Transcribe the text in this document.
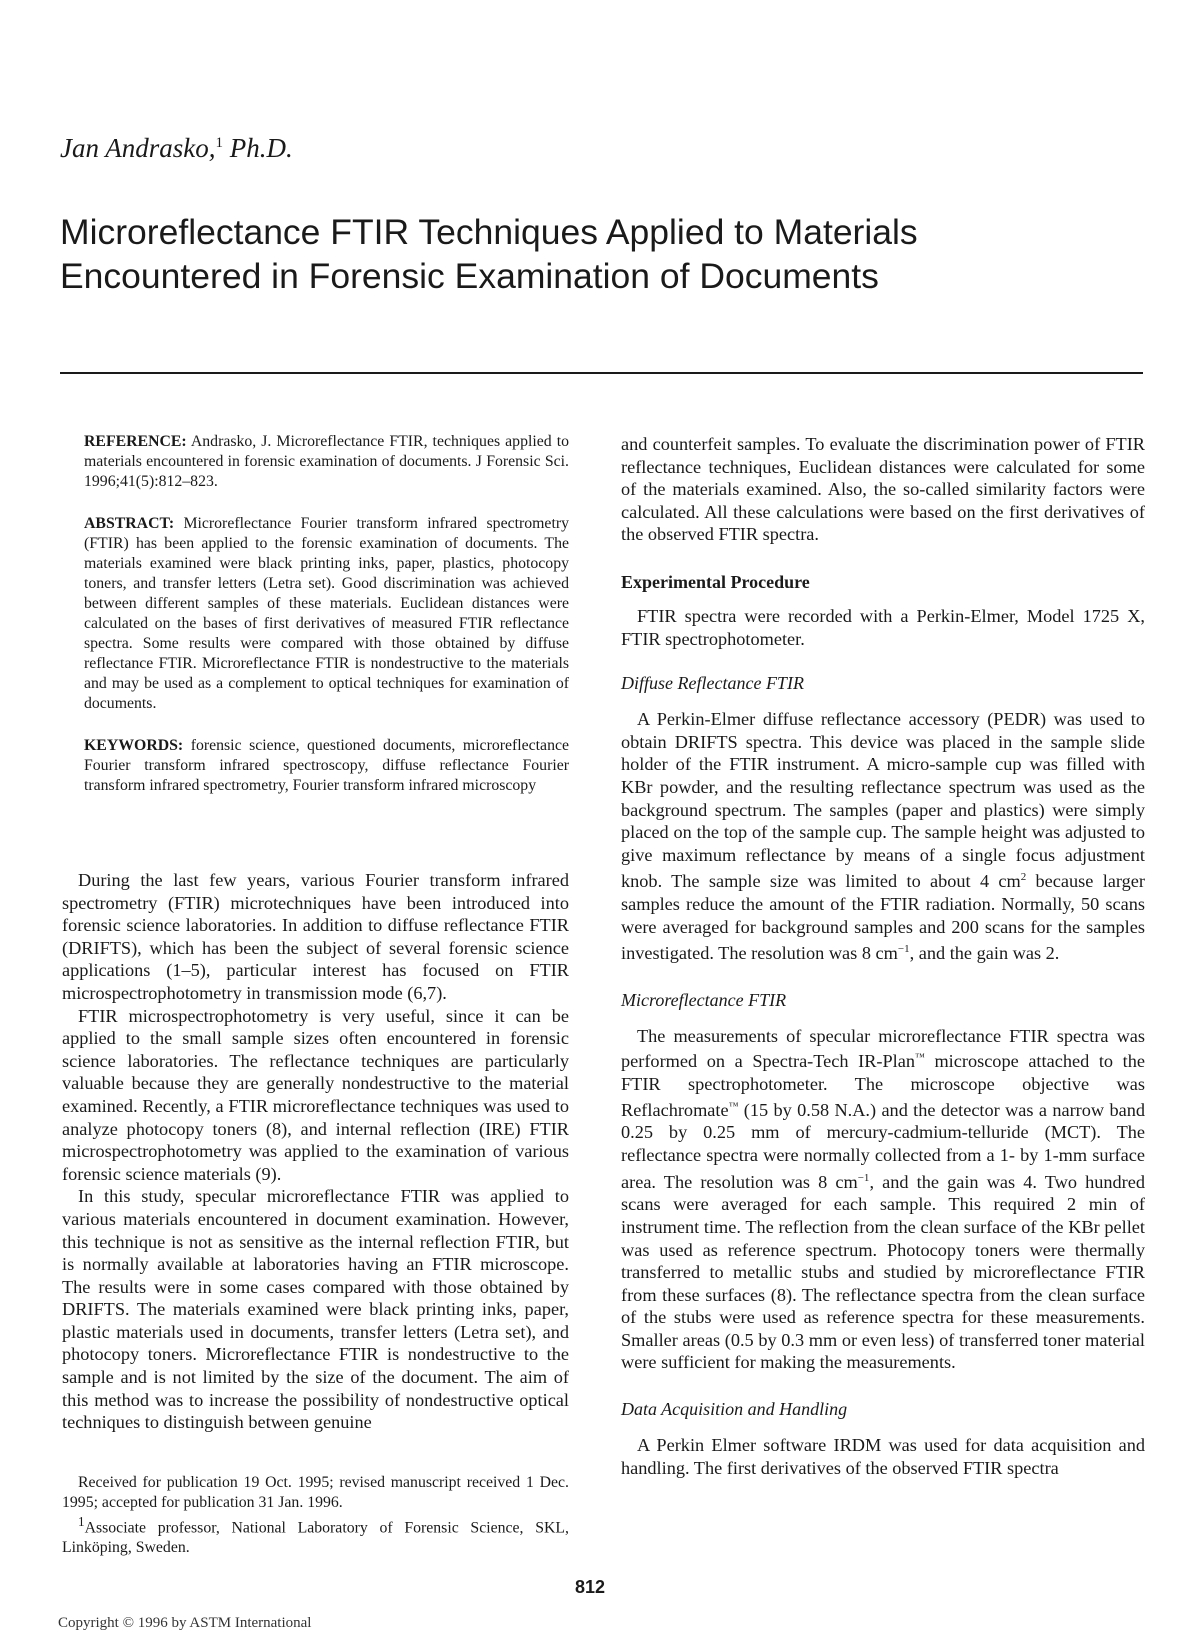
Jan Andrasko,$^1$ Ph.D.
Microreflectance FTIR Techniques Applied to Materials
Encountered in Forensic Examination of Documents

REFERENCE: Andrasko, J. Microreflectance FTIR, techniques applied to materials encountered in forensic examination of documents. J Forensic Sci. 1996;41(5):812–823.

ABSTRACT: Microreflectance Fourier transform infrared spectrometry (FTIR) has been applied to the forensic examination of documents. The materials examined were black printing inks, paper, plastics, photocopy toners, and transfer letters (Letra set). Good discrimination was achieved between different samples of these materials. Euclidean distances were calculated on the bases of first derivatives of measured FTIR reflectance spectra. Some results were compared with those obtained by diffuse reflectance FTIR. Microreflectance FTIR is nondestructive to the materials and may be used as a complement to optical techniques for examination of documents.

KEYWORDS: forensic science, questioned documents, microreflectance Fourier transform infrared spectroscopy, diffuse reflectance Fourier transform infrared spectrometry, Fourier transform infrared microscopy

During the last few years, various Fourier transform infrared spectrometry (FTIR) microtechniques have been introduced into forensic science laboratories. In addition to diffuse reflectance FTIR (DRIFTS), which has been the subject of several forensic science applications (1–5), particular interest has focused on FTIR microspectrophotometry in transmission mode (6,7).

FTIR microspectrophotometry is very useful, since it can be applied to the small sample sizes often encountered in forensic science laboratories. The reflectance techniques are particularly valuable because they are generally nondestructive to the material examined. Recently, a FTIR microreflectance techniques was used to analyze photocopy toners (8), and internal reflection (IRE) FTIR microspectrophotometry was applied to the examination of various forensic science materials (9).

In this study, specular microreflectance FTIR was applied to various materials encountered in document examination. However, this technique is not as sensitive as the internal reflection FTIR, but is normally available at laboratories having an FTIR microscope. The results were in some cases compared with those obtained by DRIFTS. The materials examined were black printing inks, paper, plastic materials used in documents, transfer letters (Letra set), and photocopy toners. Microreflectance FTIR is nondestructive to the sample and is not limited by the size of the document. The aim of this method was to increase the possibility of nondestructive optical techniques to distinguish between genuine

Received for publication 19 Oct. 1995; revised manuscript received 1 Dec. 1995; accepted for publication 31 Jan. 1996.

$^1$Associate professor, National Laboratory of Forensic Science, SKL, Linköping, Sweden.

and counterfeit samples. To evaluate the discrimination power of FTIR reflectance techniques, Euclidean distances were calculated for some of the materials examined. Also, the so-called similarity factors were calculated. All these calculations were based on the first derivatives of the observed FTIR spectra.

Experimental Procedure

FTIR spectra were recorded with a Perkin-Elmer, Model 1725 X, FTIR spectrophotometer.

Diffuse Reflectance FTIR

A Perkin-Elmer diffuse reflectance accessory (PEDR) was used to obtain DRIFTS spectra. This device was placed in the sample slide holder of the FTIR instrument. A micro-sample cup was filled with KBr powder, and the resulting reflectance spectrum was used as the background spectrum. The samples (paper and plastics) were simply placed on the top of the sample cup. The sample height was adjusted to give maximum reflectance by means of a single focus adjustment knob. The sample size was limited to about 4 $cm^2$ because larger samples reduce the amount of the FTIR radiation. Normally, 50 scans were averaged for background samples and 200 scans for the samples investigated. The resolution was 8 $cm^{-1}$, and the gain was 2.

Microreflectance FTIR

The measurements of specular microreflectance FTIR spectra was performed on a Spectra-Tech IR-Plan™ microscope attached to the FTIR spectrophotometer. The microscope objective was Reflachromate™ (15 by 0.58 N.A.) and the detector was a narrow band 0.25 by 0.25 mm of mercury-cadmium-telluride (MCT). The reflectance spectra were normally collected from a 1- by 1-mm surface area. The resolution was 8 $cm^{-1}$, and the gain was 4. Two hundred scans were averaged for each sample. This required 2 min of instrument time. The reflection from the clean surface of the KBr pellet was used as reference spectrum. Photocopy toners were thermally transferred to metallic stubs and studied by microreflectance FTIR from these surfaces (8). The reflectance spectra from the clean surface of the stubs were used as reference spectra for these measurements. Smaller areas (0.5 by 0.3 mm or even less) of transferred toner material were sufficient for making the measurements.

Data Acquisition and Handling

A Perkin Elmer software IRDM was used for data acquisition and handling. The first derivatives of the observed FTIR spectra

812
Copyright © 1996 by ASTM International
